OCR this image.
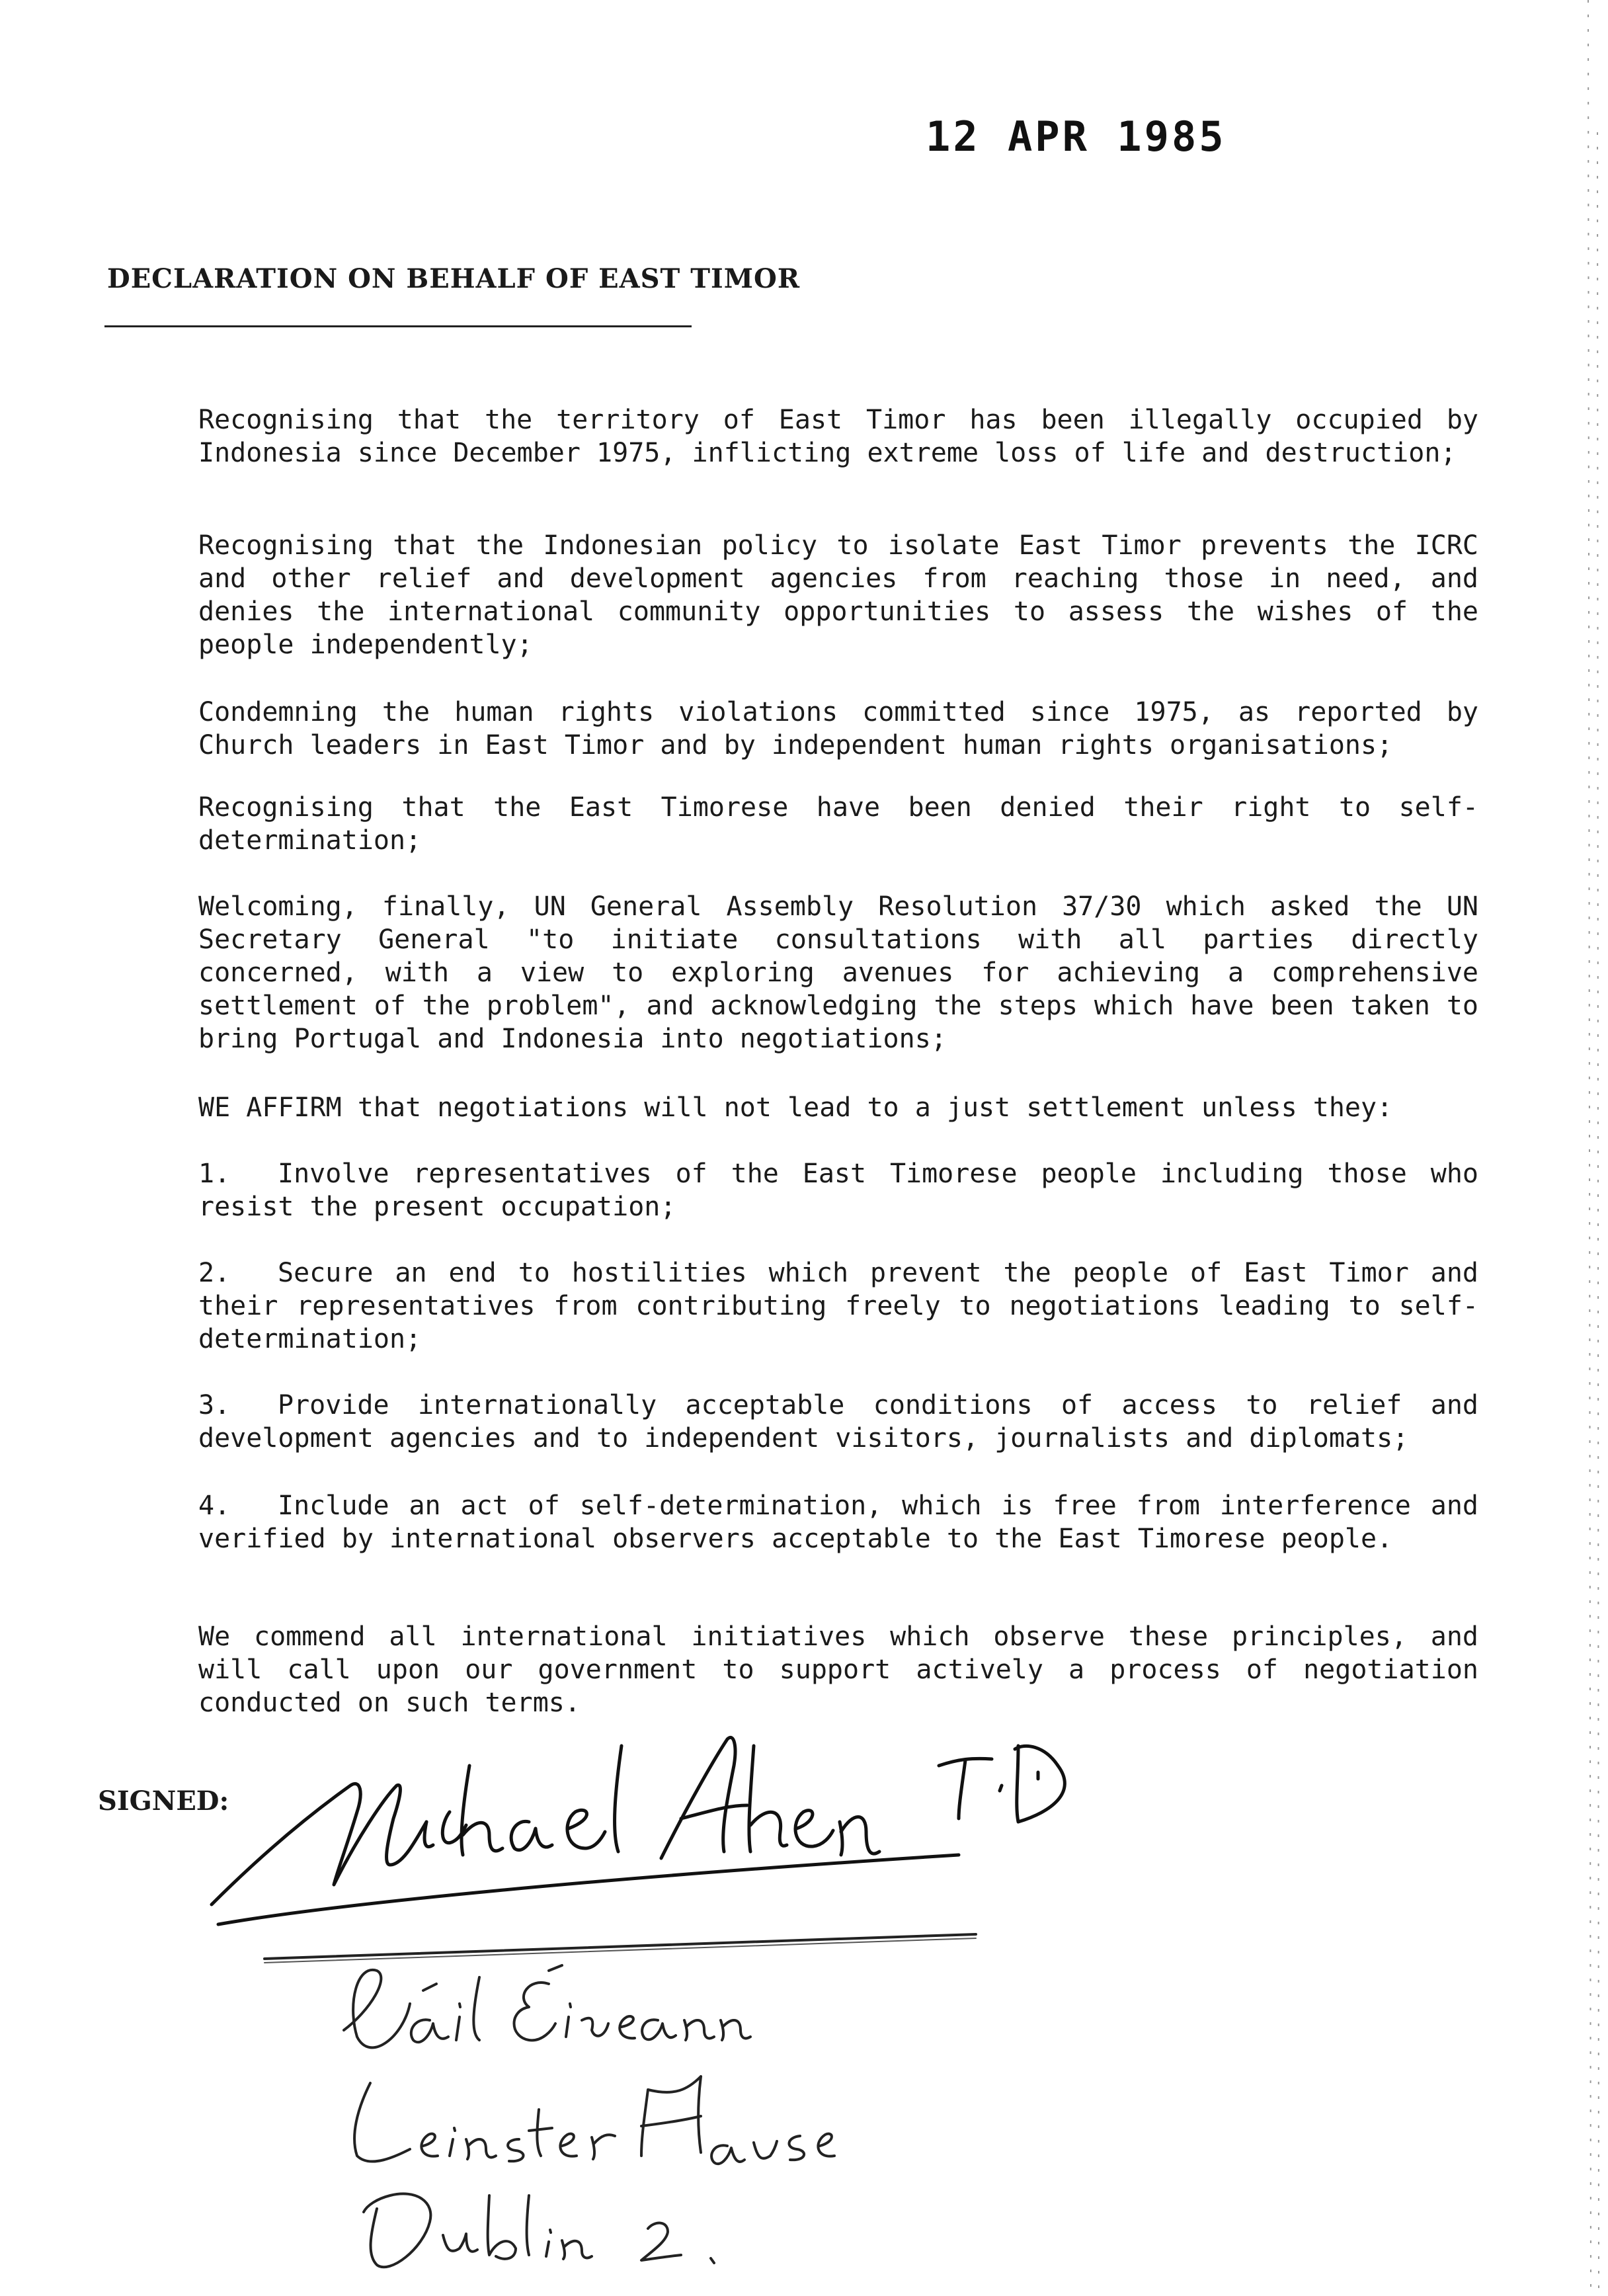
12 APR 1985
DECLARATION ON BEHALF OF EAST TIMOR

Recognising that the territory of East Timor has been illegally occupied by Indonesia since December 1975, inflicting extreme loss of life and destruction;

Recognising that the Indonesian policy to isolate East Timor prevents the ICRC and other relief and development agencies from reaching those in need, and denies the international community opportunities to assess the wishes of the people independently;

Condemning the human rights violations committed since 1975, as reported by Church leaders in East Timor and by independent human rights organisations;

Recognising that the East Timorese have been denied their right to self-determination;

Welcoming, finally, UN General Assembly Resolution 37/30 which asked the UN Secretary General "to initiate consultations with all parties directly concerned, with a view to exploring avenues for achieving a comprehensive settlement of the problem", and acknowledging the steps which have been taken to bring Portugal and Indonesia into negotiations;

WE AFFIRM that negotiations will not lead to a just settlement unless they:

1. Involve representatives of the East Timorese people including those who resist the present occupation;
2. Secure an end to hostilities which prevent the people of East Timor and their representatives from contributing freely to negotiations leading to self-determination;
3. Provide internationally acceptable conditions of access to relief and development agencies and to independent visitors, journalists and diplomats;
4. Include an act of self-determination, which is free from interference and verified by international observers acceptable to the East Timorese people.

We commend all international initiatives which observe these principles, and will call upon our government to support actively a process of negotiation conducted on such terms.

SIGNED:
